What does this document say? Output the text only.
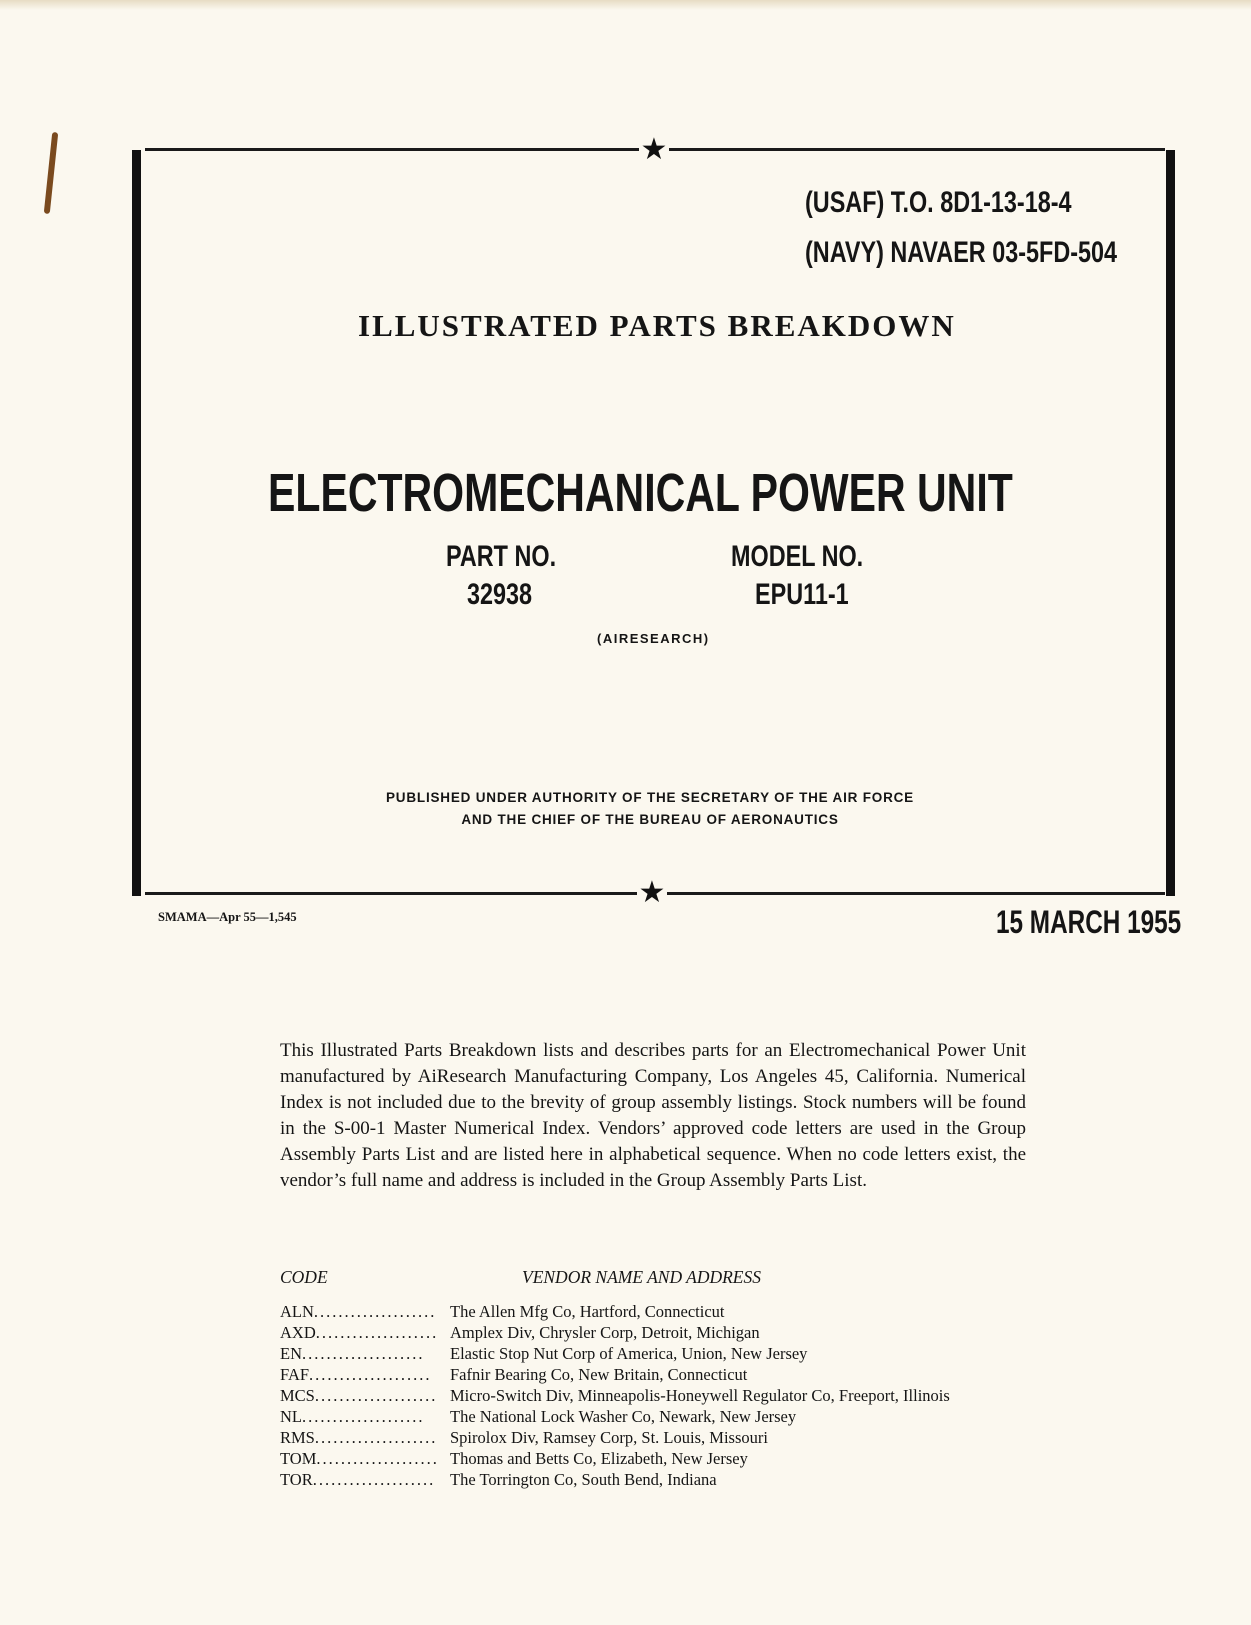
★
★
(USAF) T.O. 8D1-13-18-4
(NAVY) NAVAER 03-5FD-504
ILLUSTRATED PARTS BREAKDOWN
ELECTROMECHANICAL POWER UNIT
PART NO.
32938
MODEL NO.
EPU11-1
(AIRESEARCH)
PUBLISHED UNDER AUTHORITY OF THE SECRETARY OF THE AIR FORCE
AND THE CHIEF OF THE BUREAU OF AERONAUTICS
SMAMA—Apr 55—1,545	15 MARCH 1955

This Illustrated Parts Breakdown lists and describes parts for an Electromechanical Power Unit manufactured by AiResearch Manufacturing Company, Los Angeles 45, California. Numerical Index is not included due to the brevity of group assembly listings. Stock numbers will be found in the S-00-1 Master Numerical Index. Vendors’ approved code letters are used in the Group Assembly Parts List and are listed here in alphabetical sequence. When no code letters exist, the vendor’s full name and address is included in the Group Assembly Parts List.

CODE	VENDOR NAME AND ADDRESS
ALN.................... The Allen Mfg Co, Hartford, Connecticut
AXD.................... Amplex Div, Chrysler Corp, Detroit, Michigan
EN....................	Elastic Stop Nut Corp of America, Union, New Jersey
FAF....................	Fafnir Bearing Co, New Britain, Connecticut
MCS.................... Micro-Switch Div, Minneapolis-Honeywell Regulator Co, Freeport, Illinois
NL....................	The National Lock Washer Co, Newark, New Jersey
RMS.................... Spirolox Div, Ramsey Corp, St. Louis, Missouri
TOM.................... Thomas and Betts Co, Elizabeth, New Jersey
TOR.................... The Torrington Co, South Bend, Indiana
